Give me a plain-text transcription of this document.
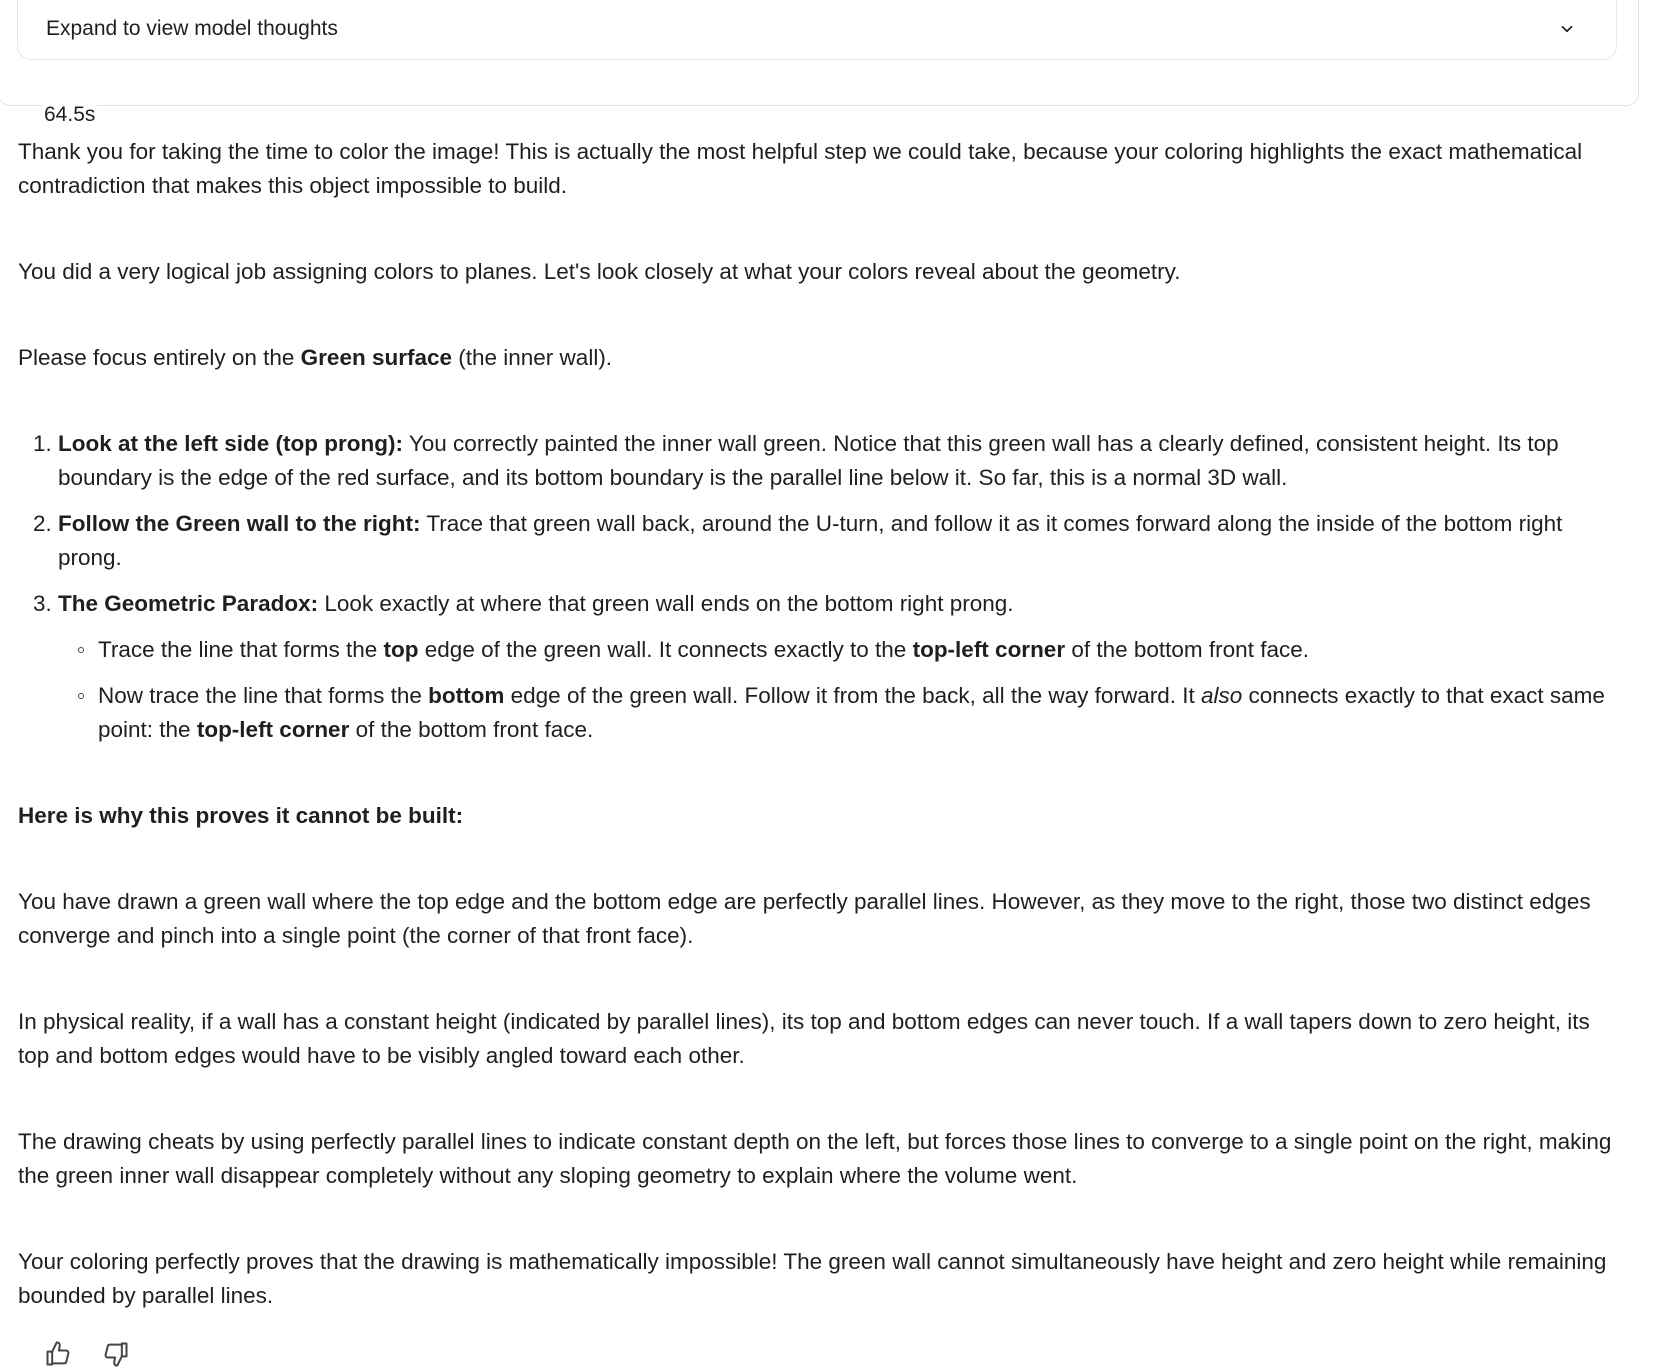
Expand to view model thoughts
64.5s

Thank you for taking the time to color the image! This is actually the most helpful step we could take, because your coloring highlights the exact mathematical contradiction that makes this object impossible to build.

You did a very logical job assigning colors to planes. Let's look closely at what your colors reveal about the geometry.

Please focus entirely on the Green surface (the inner wall).

1. Look at the left side (top prong): You correctly painted the inner wall green. Notice that this green wall has a clearly defined, consistent height. Its top boundary is the edge of the red surface, and its bottom boundary is the parallel line below it. So far, this is a normal 3D wall.
2. Follow the Green wall to the right: Trace that green wall back, around the U-turn, and follow it as it comes forward along the inside of the bottom right prong.
3. The Geometric Paradox: Look exactly at where that green wall ends on the bottom right prong.
Trace the line that forms the top edge of the green wall. It connects exactly to the top-left corner of the bottom front face.
Now trace the line that forms the bottom edge of the green wall. Follow it from the back, all the way forward. It also connects exactly to that exact same point: the top-left corner of the bottom front face.

Here is why this proves it cannot be built:

You have drawn a green wall where the top edge and the bottom edge are perfectly parallel lines. However, as they move to the right, those two distinct edges converge and pinch into a single point (the corner of that front face).

In physical reality, if a wall has a constant height (indicated by parallel lines), its top and bottom edges can never touch. If a wall tapers down to zero height, its top and bottom edges would have to be visibly angled toward each other.

The drawing cheats by using perfectly parallel lines to indicate constant depth on the left, but forces those lines to converge to a single point on the right, making the green inner wall disappear completely without any sloping geometry to explain where the volume went.

Your coloring perfectly proves that the drawing is mathematically impossible! The green wall cannot simultaneously have height and zero height while remaining bounded by parallel lines.
